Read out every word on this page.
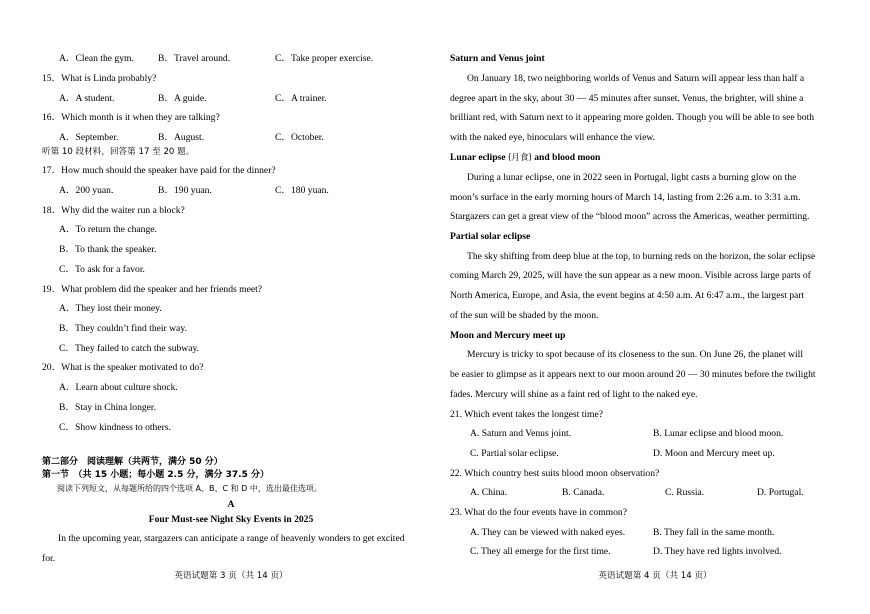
A．Clean the gym.	B．Travel around.	C．Take proper exercise.
15．What is Linda probably?
A．A student.	B．A guide.	C．A trainer.
16．Which month is it when they are talking?
A．September.	B．August.	C．October.
听第 10 段材料，回答第 17 至 20 题。
17．How much should the speaker have paid for the dinner?
A．200 yuan.	B．190 yuan.	C．180 yuan.
18．Why did the waiter run a block?
A．To return the change.
B．To thank the speaker.
C．To ask for a favor.
19．What problem did the speaker and her friends meet?
A．They lost their money.
B．They couldn’t find their way.
C．They failed to catch the subway.
20．What is the speaker motivated to do?
A．Learn about culture shock.
B．Stay in China longer.
C．Show kindness to others.
第二部分　阅读理解（共两节，满分 50 分）
第一节　（共 15 小题；每小题 2.5 分，满分 37.5 分）
阅读下列短文，从每题所给的四个选项 A、B、C 和 D 中，选出最佳选项。
A
Four Must-see Night Sky Events in 2025
In the upcoming year, stargazers can anticipate a range of heavenly wonders to get excited
for.
英语试题第 3 页（共 14 页）
Saturn and Venus joint
On January 18, two neighboring worlds of Venus and Saturn will appear less than half a
degree apart in the sky, about 30 — 45 minutes after sunset. Venus, the brighter, will shine a
brilliant red, with Saturn next to it appearing more golden. Though you will be able to see both
with the naked eye, binoculars will enhance the view.
Lunar eclipse (月食) and blood moon
During a lunar eclipse, one in 2022 seen in Portugal, light casts a burning glow on the
moon’s surface in the early morning hours of March 14, lasting from 2:26 a.m. to 3:31 a.m.
Stargazers can get a great view of the “blood moon” across the Americas, weather permitting.
Partial solar eclipse
The sky shifting from deep blue at the top, to burning reds on the horizon, the solar eclipse
coming March 29, 2025, will have the sun appear as a new moon. Visible across large parts of
North America, Europe, and Asia, the event begins at 4:50 a.m. At 6:47 a.m., the largest part
of the sun will be shaded by the moon.
Moon and Mercury meet up
Mercury is tricky to spot because of its closeness to the sun. On June 26, the planet will
be easier to glimpse as it appears next to our moon around 20 — 30 minutes before the twilight
fades. Mercury will shine as a faint red of light to the naked eye.
21. Which event takes the longest time?
A. Saturn and Venus joint.	B. Lunar eclipse and blood moon.
C. Partial solar eclipse.	D. Moon and Mercury meet up.
22. Which country best suits blood moon observation?
A. China.	B. Canada.	C. Russia.	D. Portugal.
23. What do the four events have in common?
A. They can be viewed with naked eyes.	B. They fall in the same month.
C. They all emerge for the first time.	D. They have red lights involved.
英语试题第 4 页（共 14 页）
